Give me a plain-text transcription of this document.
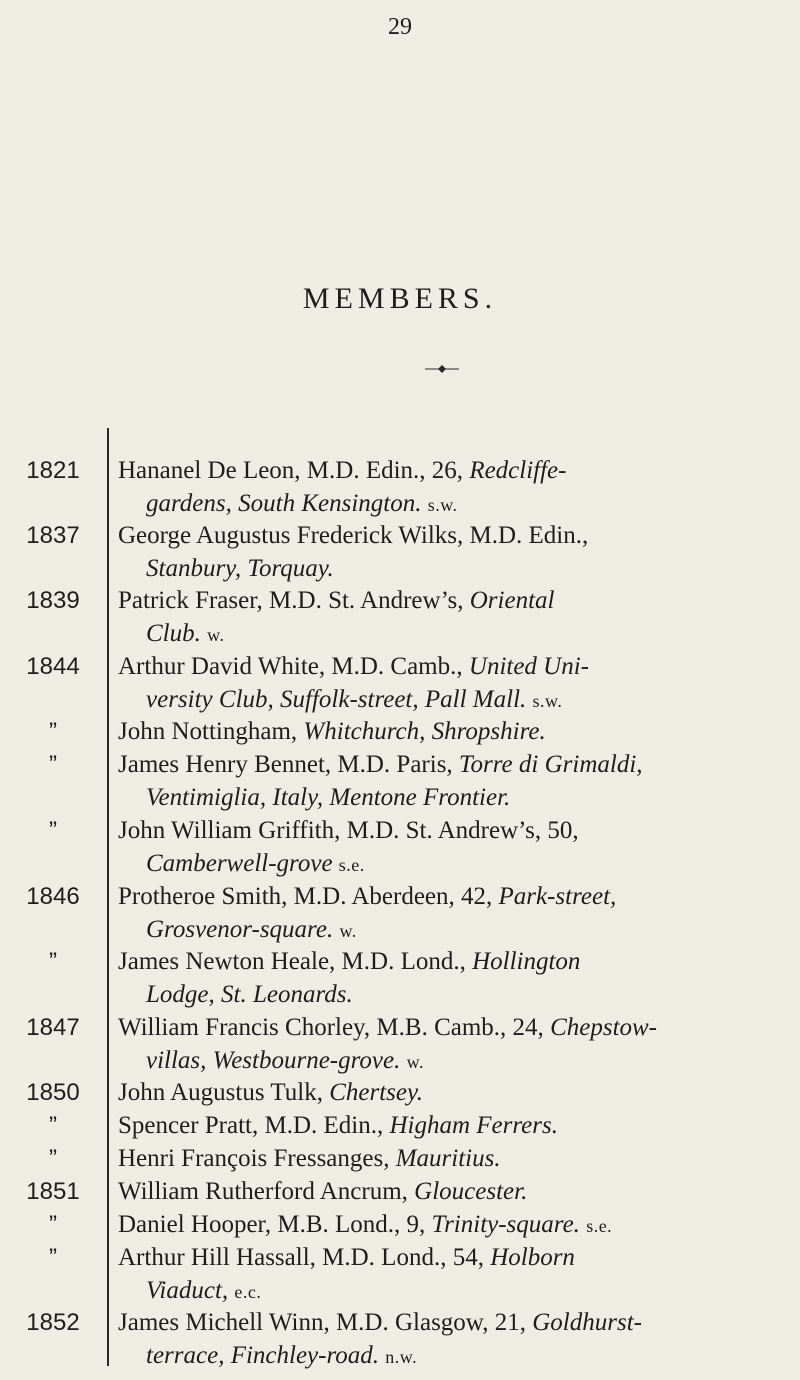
29
MEMBERS.
1821	Hananel De Leon, M.D. Edin., 26, Redcliffe-
gardens, South Kensington. s.w.
1837	George Augustus Frederick Wilks, M.D. Edin.,
Stanbury, Torquay.
1839	Patrick Fraser, M.D. St. Andrew’s, Oriental
Club. w.
1844	Arthur David White, M.D. Camb., United Uni-
versity Club, Suffolk-street, Pall Mall. s.w.
”	John Nottingham, Whitchurch, Shropshire.
”	James Henry Bennet, M.D. Paris, Torre di Grimaldi,
Ventimiglia, Italy, Mentone Frontier.
”	John William Griffith, M.D. St. Andrew’s, 50,
Camberwell-grove s.e.
1846	Protheroe Smith, M.D. Aberdeen, 42, Park-street,
Grosvenor-square. w.
”	James Newton Heale, M.D. Lond., Hollington
Lodge, St. Leonards.
1847	William Francis Chorley, M.B. Camb., 24, Chepstow-
villas, Westbourne-grove. w.
1850	John Augustus Tulk, Chertsey.
”	Spencer Pratt, M.D. Edin., Higham Ferrers.
”	Henri François Fressanges, Mauritius.
1851	William Rutherford Ancrum, Gloucester.
”	Daniel Hooper, M.B. Lond., 9, Trinity-square. s.e.
”	Arthur Hill Hassall, M.D. Lond., 54, Holborn
Viaduct, e.c.
1852	James Michell Winn, M.D. Glasgow, 21, Goldhurst-
terrace, Finchley-road. n.w.
